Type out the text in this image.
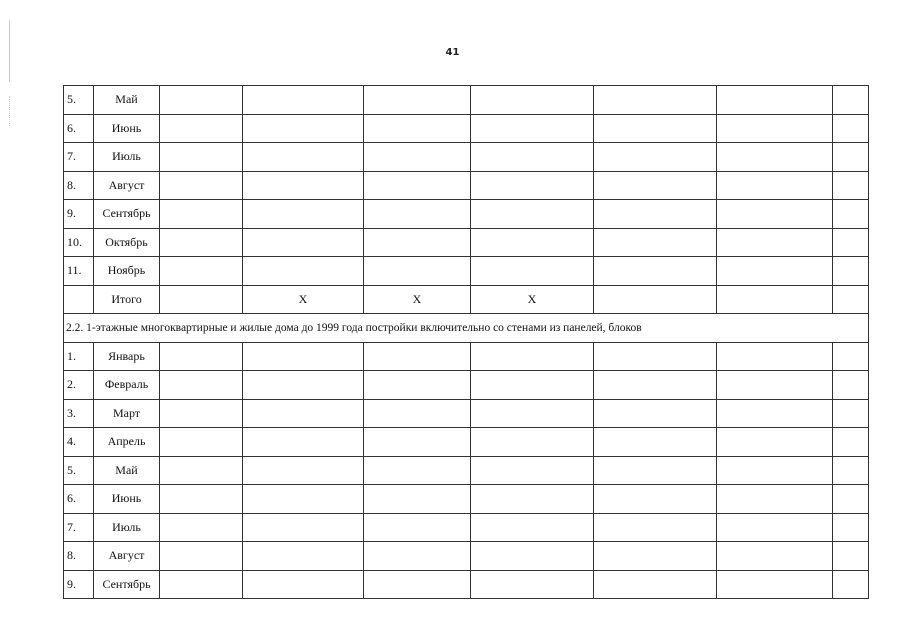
41
5.	Май							
6.	Июнь							
7.	Июль							
8.	Август							
9.	Сентябрь							
10.	Октябрь							
11.	Ноябрь							
	Итого		X	X	X			
2.2. 1-этажные многоквартирные и жилые дома до 1999 года постройки включительно со стенами из панелей, блоков								
1.	Январь							
2.	Февраль							
3.	Март							
4.	Апрель							
5.	Май							
6.	Июнь							
7.	Июль							
8.	Август							
9.	Сентябрь							
